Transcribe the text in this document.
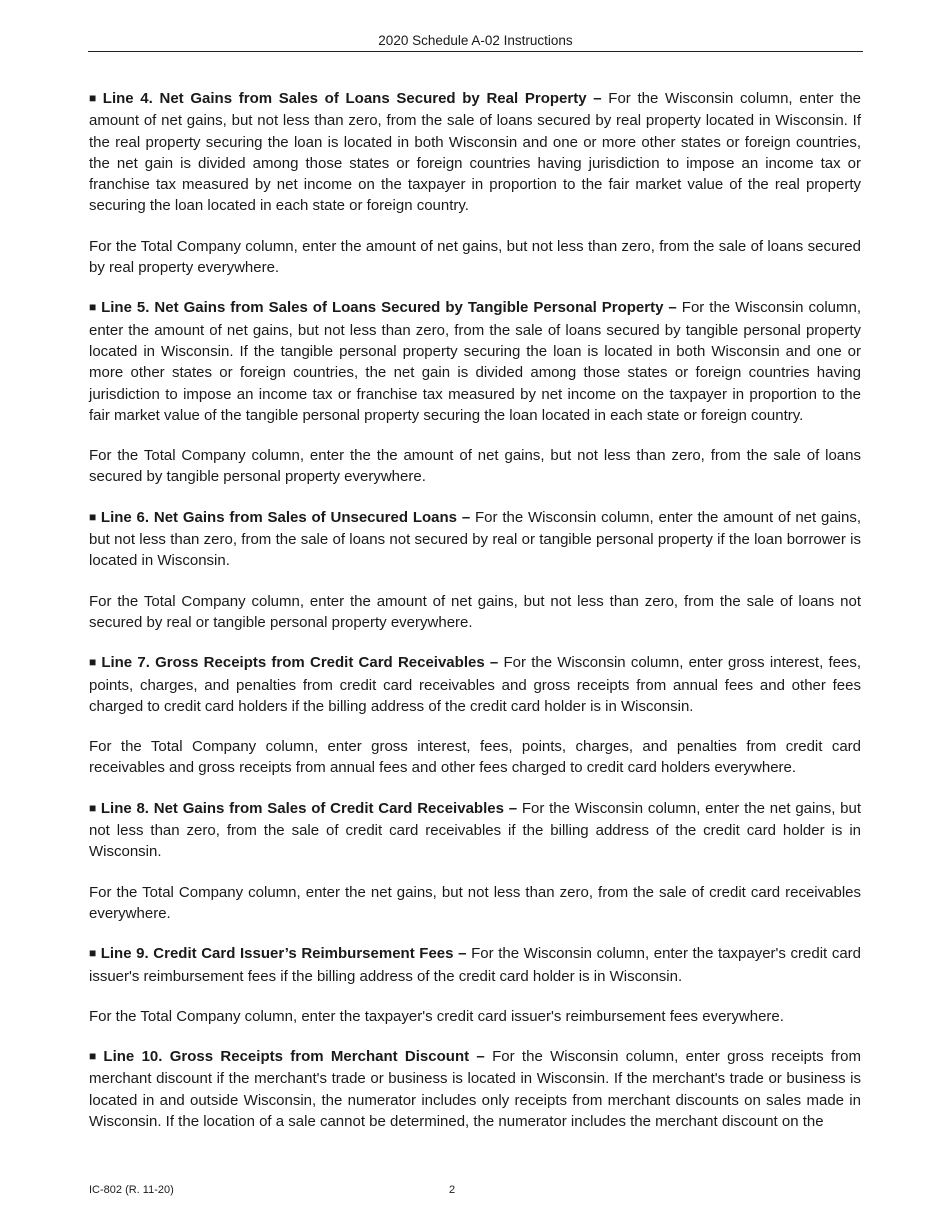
2020 Schedule A-02 Instructions

■ Line 4. Net Gains from Sales of Loans Secured by Real Property – For the Wisconsin column, enter the amount of net gains, but not less than zero, from the sale of loans secured by real property located in Wisconsin. If the real property securing the loan is located in both Wisconsin and one or more other states or foreign countries, the net gain is divided among those states or foreign countries having jurisdiction to impose an income tax or franchise tax measured by net income on the taxpayer in proportion to the fair market value of the real property securing the loan located in each state or foreign country.

For the Total Company column, enter the amount of net gains, but not less than zero, from the sale of loans secured by real property everywhere.

■ Line 5. Net Gains from Sales of Loans Secured by Tangible Personal Property – For the Wisconsin column, enter the amount of net gains, but not less than zero, from the sale of loans secured by tangible personal property located in Wisconsin. If the tangible personal property securing the loan is located in both Wisconsin and one or more other states or foreign countries, the net gain is divided among those states or foreign countries having jurisdiction to impose an income tax or franchise tax measured by net income on the taxpayer in proportion to the fair market value of the tangible personal property securing the loan located in each state or foreign country.

For the Total Company column, enter the the amount of net gains, but not less than zero, from the sale of loans secured by tangible personal property everywhere.

■ Line 6. Net Gains from Sales of Unsecured Loans – For the Wisconsin column, enter the amount of net gains, but not less than zero, from the sale of loans not secured by real or tangible personal property if the loan borrower is located in Wisconsin.

For the Total Company column, enter the amount of net gains, but not less than zero, from the sale of loans not secured by real or tangible personal property everywhere.

■ Line 7. Gross Receipts from Credit Card Receivables – For the Wisconsin column, enter gross interest, fees, points, charges, and penalties from credit card receivables and gross receipts from annual fees and other fees charged to credit card holders if the billing address of the credit card holder is in Wisconsin.

For the Total Company column, enter gross interest, fees, points, charges, and penalties from credit card receivables and gross receipts from annual fees and other fees charged to credit card holders everywhere.

■ Line 8. Net Gains from Sales of Credit Card Receivables – For the Wisconsin column, enter the net gains, but not less than zero, from the sale of credit card receivables if the billing address of the credit card holder is in Wisconsin.

For the Total Company column, enter the net gains, but not less than zero, from the sale of credit card receivables everywhere.

■ Line 9. Credit Card Issuer’s Reimbursement Fees – For the Wisconsin column, enter the taxpayer's credit card issuer's reimbursement fees if the billing address of the credit card holder is in Wisconsin.

For the Total Company column, enter the taxpayer's credit card issuer's reimbursement fees everywhere.

■ Line 10. Gross Receipts from Merchant Discount – For the Wisconsin column, enter gross receipts from merchant discount if the merchant's trade or business is located in Wisconsin. If the merchant's trade or business is located in and outside Wisconsin, the numerator includes only receipts from merchant discounts on sales made in Wisconsin. If the location of a sale cannot be determined, the numerator includes the merchant discount on the

IC-802 (R. 11-20)	2
